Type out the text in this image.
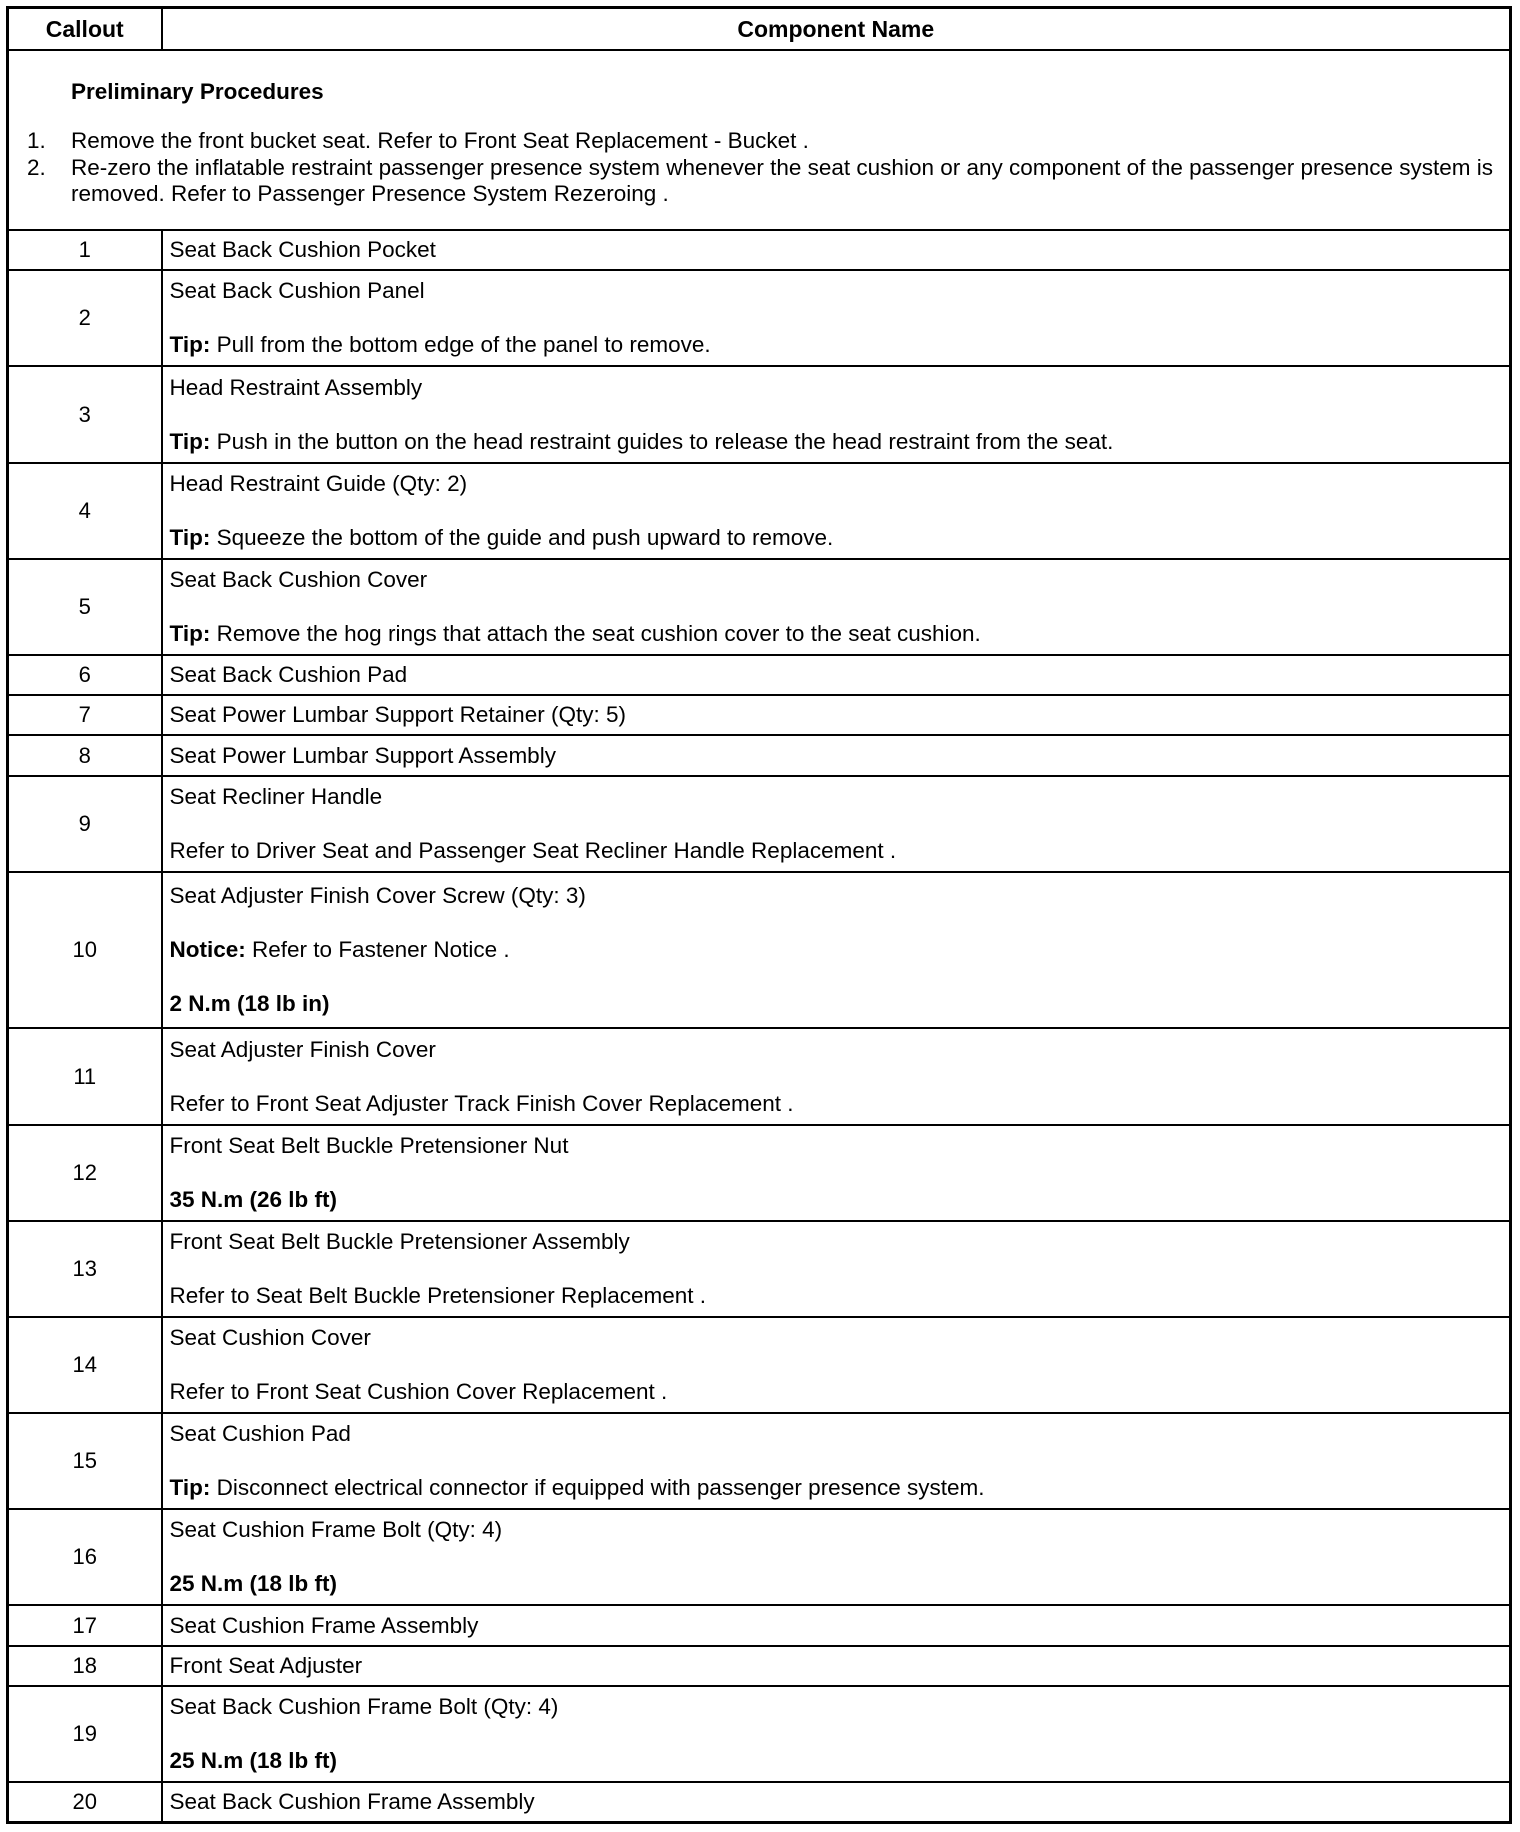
Callout	Component Name

Preliminary Procedures
1. Remove the front bucket seat. Refer to Front Seat Replacement - Bucket .
2. Re-zero the inflatable restraint passenger presence system whenever the seat cushion or any component of the passenger presence system is removed. Refer to Passenger Presence System Rezeroing .	

1	Seat Back Cushion Pocket

2	Seat Back Cushion Panel
Tip: Pull from the bottom edge of the panel to remove.

3	Head Restraint Assembly
Tip: Push in the button on the head restraint guides to release the head restraint from the seat.

4	Head Restraint Guide (Qty: 2)
Tip: Squeeze the bottom of the guide and push upward to remove.

5	Seat Back Cushion Cover
Tip: Remove the hog rings that attach the seat cushion cover to the seat cushion.

6	Seat Back Cushion Pad

7	Seat Power Lumbar Support Retainer (Qty: 5)

8	Seat Power Lumbar Support Assembly

9	Seat Recliner Handle
Refer to Driver Seat and Passenger Seat Recliner Handle Replacement .

10	Seat Adjuster Finish Cover Screw (Qty: 3)
Notice: Refer to Fastener Notice .
2 N.m (18 lb in)

11	Seat Adjuster Finish Cover
Refer to Front Seat Adjuster Track Finish Cover Replacement .

12	Front Seat Belt Buckle Pretensioner Nut
35 N.m (26 lb ft)

13	Front Seat Belt Buckle Pretensioner Assembly
Refer to Seat Belt Buckle Pretensioner Replacement .

14	Seat Cushion Cover
Refer to Front Seat Cushion Cover Replacement .

15	Seat Cushion Pad
Tip: Disconnect electrical connector if equipped with passenger presence system.

16	Seat Cushion Frame Bolt (Qty: 4)
25 N.m (18 lb ft)

17	Seat Cushion Frame Assembly

18	Front Seat Adjuster

19	Seat Back Cushion Frame Bolt (Qty: 4)
25 N.m (18 lb ft)

20	Seat Back Cushion Frame Assembly
